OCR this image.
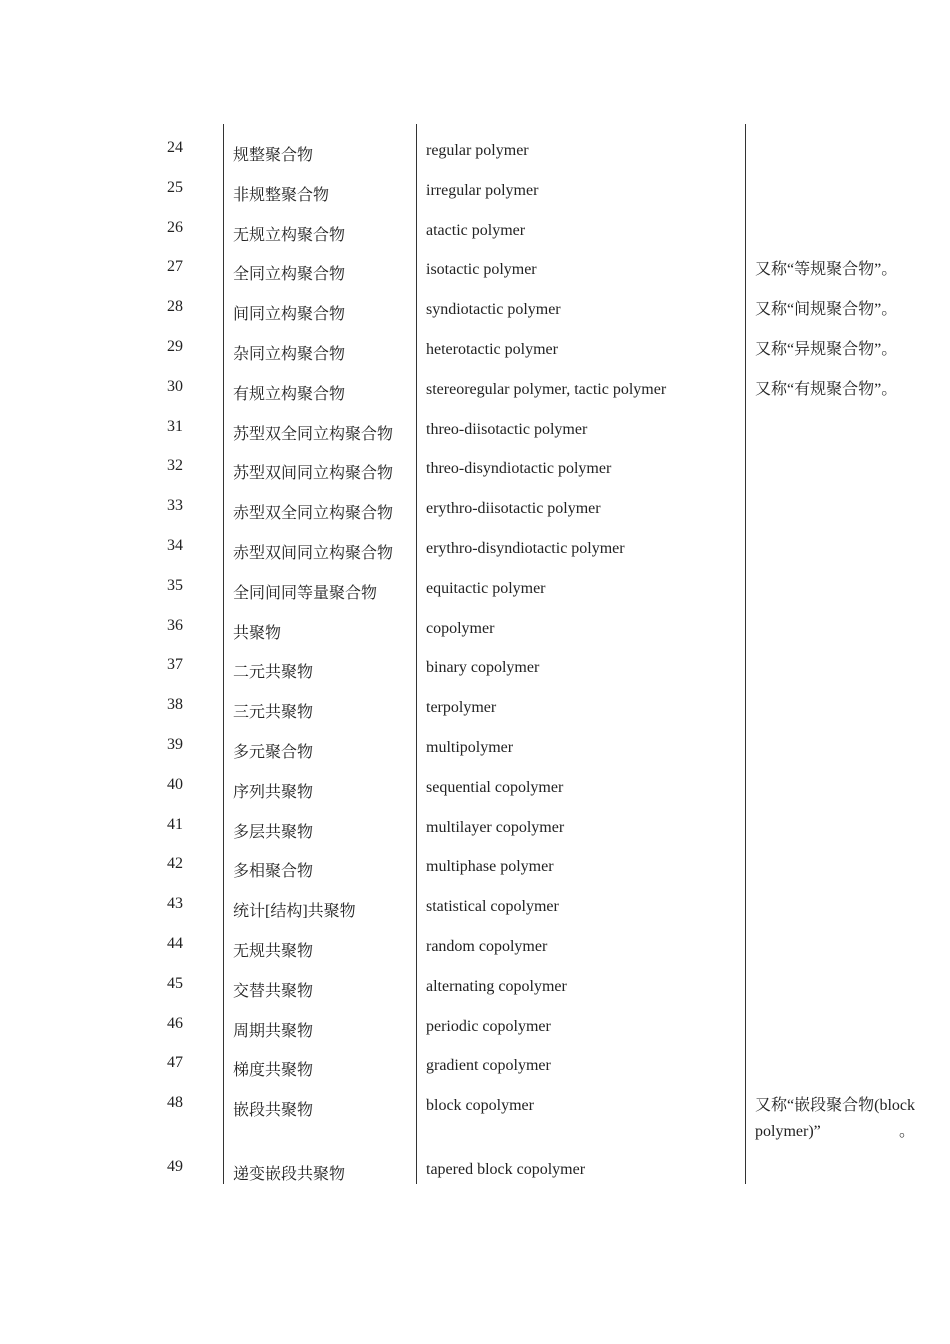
24	规整聚合物	regular polymer
25	非规整聚合物	irregular polymer
26	无规立构聚合物	atactic polymer
27	全同立构聚合物	isotactic polymer	又称“等规聚合物”。
28	间同立构聚合物	syndiotactic polymer	又称“间规聚合物”。
29	杂同立构聚合物	heterotactic polymer	又称“异规聚合物”。
30	有规立构聚合物	stereoregular polymer, tactic polymer	又称“有规聚合物”。
31	苏型双全同立构聚合物 threo-diisotactic polymer
32	苏型双间同立构聚合物 threo-disyndiotactic polymer
33	赤型双全同立构聚合物 erythro-diisotactic polymer
34	赤型双间同立构聚合物 erythro-disyndiotactic polymer
35	全同间同等量聚合物	equitactic polymer
36	共聚物	copolymer
37	二元共聚物	binary copolymer
38	三元共聚物	terpolymer
39	多元聚合物	multipolymer
40	序列共聚物	sequential copolymer
41	多层共聚物	multilayer copolymer
42	多相聚合物	multiphase polymer
43	统计[结构]共聚物	statistical copolymer
44	无规共聚物	random copolymer
45	交替共聚物	alternating copolymer
46	周期共聚物	periodic copolymer
47	梯度共聚物	gradient copolymer
48	嵌段共聚物	block copolymer	又称“嵌段聚合物(block polymer)”。
49	递变嵌段共聚物	tapered block copolymer
